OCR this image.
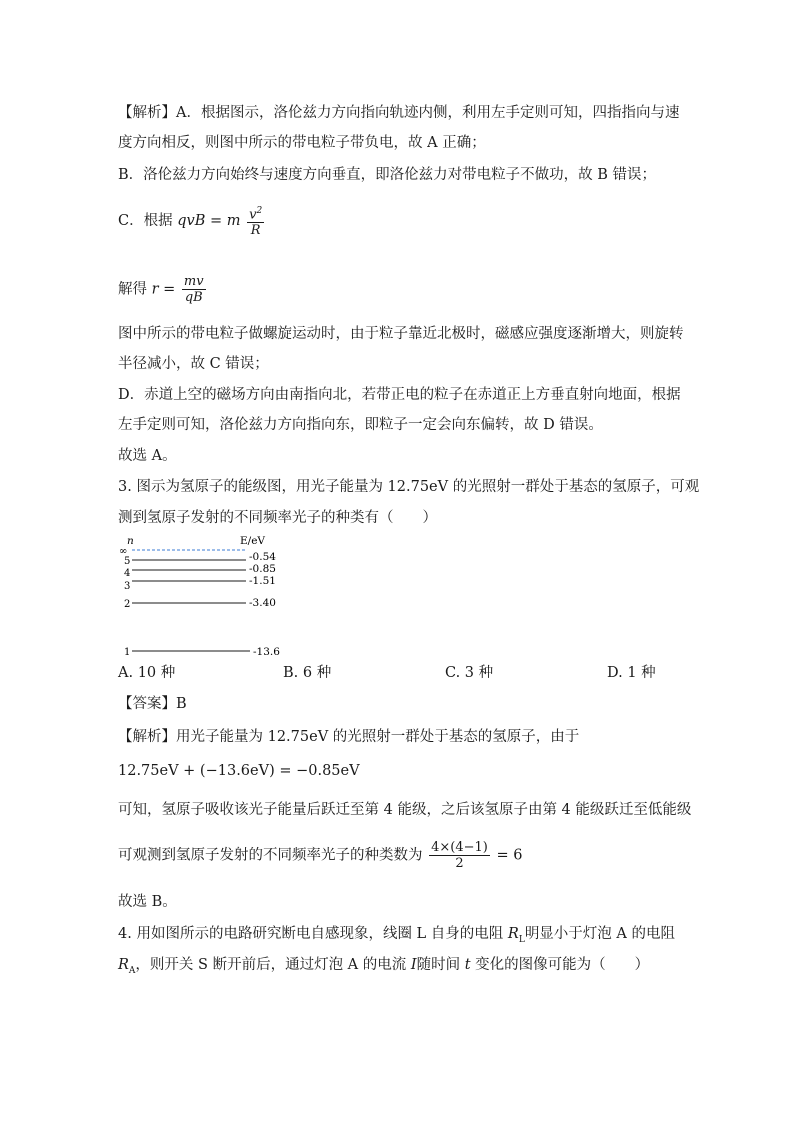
【解析】A．根据图示，洛伦兹力方向指向轨迹内侧，利用左手定则可知，四指指向与速
度方向相反，则图中所示的带电粒子带负电，故 A 正确；
B．洛伦兹力方向始终与速度方向垂直，即洛伦兹力对带电粒子不做功，故 B 错误；
C．根据 qvB = m $\frac{v^2}{R}$
解得 $r = \frac{mv}{qB}$
图中所示的带电粒子做螺旋运动时，由于粒子靠近北极时，磁感应强度逐渐增大，则旋转
半径减小，故 C 错误；
D．赤道上空的磁场方向由南指向北，若带正电的粒子在赤道正上方垂直射向地面，根据
左手定则可知，洛伦兹力方向指向东，即粒子一定会向东偏转，故 D 错误。
故选 A。
3. 图示为氢原子的能级图，用光子能量为 12.75eV 的光照射一群处于基态的氢原子，可观
测到氢原子发射的不同频率光子的种类有（　　）
n	E/eV
∞
5	-0.54
4	-0.85
3	-1.51
2	-3.40
1	-13.6
A. 10 种	B. 6 种	C. 3 种	D. 1 种
【答案】B
【解析】用光子能量为 12.75eV 的光照射一群处于基态的氢原子，由于
12.75eV + (−13.6eV) = −0.85eV
可知，氢原子吸收该光子能量后跃迁至第 4 能级，之后该氢原子由第 4 能级跃迁至低能级
可观测到氢原子发射的不同频率光子的种类数为 $\frac{4\times(4-1)}{2} = 6$
故选 B。
4. 用如图所示的电路研究断电自感现象，线圈 L 自身的电阻 $R_L$明显小于灯泡 A 的电阻
$R_A$，则开关 S 断开前后，通过灯泡 A 的电流 I随时间 t 变化的图像可能为（　　）
